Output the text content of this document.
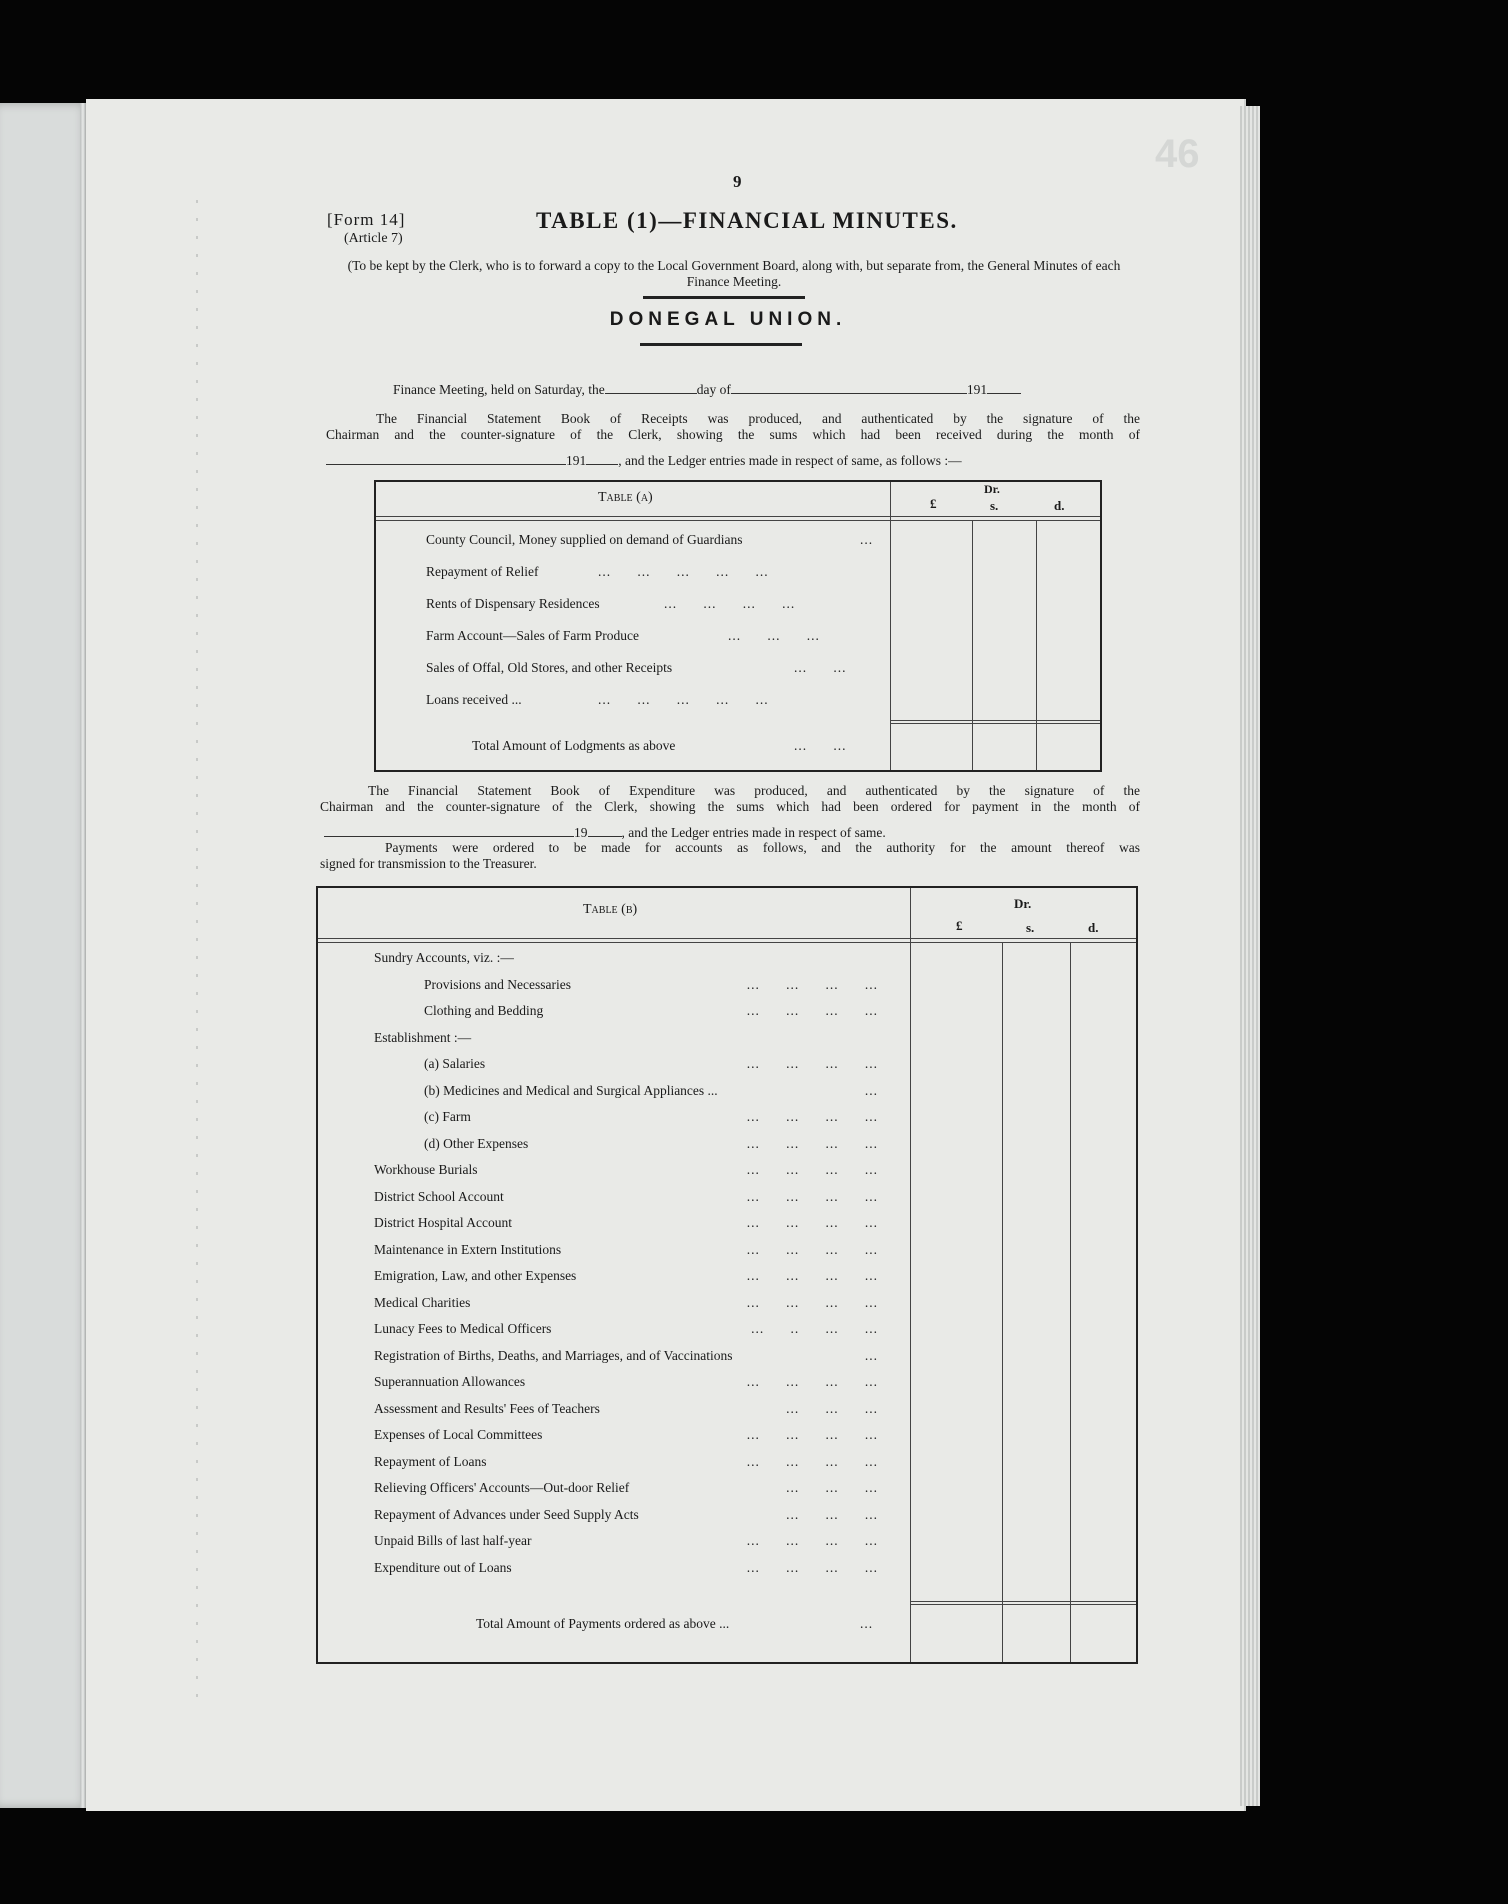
46
9
[Form 14]
(Article 7)
TABLE (1)—FINANCIAL MINUTES.
(To be kept by the Clerk, who is to forward a copy to the Local Government Board, along with, but separate from, the General Minutes of each Finance Meeting.
DONEGAL UNION.
Finance Meeting, held on Saturday, the	day of	191
The Financial Statement Book of Receipts was produced, and authenticated by the signature of the
Chairman and the counter-signature of the Clerk, showing the sums which had been received during the month of
191 , and the Ledger entries made in respect of same, as follows :—
Table (a)
Dr.
£	s.	d.
County Council, Money supplied on demand of Guardians	...
Repayment of Relief	...      ...      ...      ...      ...
Rents of Dispensary Residences	...      ...      ...      ...
Farm Account—Sales of Farm Produce	...      ...      ...
Sales of Offal, Old Stores, and other Receipts	...      ...
Loans received ...	...      ...      ...      ...      ...
Total Amount of Lodgments as above	...      ...
The Financial Statement Book of Expenditure was produced, and authenticated by the signature of the
Chairman and the counter-signature of the Clerk, showing the sums which had been ordered for payment in the month of
19	, and the Ledger entries made in respect of same.
Payments were ordered to be made for accounts as follows, and the authority for the amount thereof was
signed for transmission to the Treasurer.
Table (b)	Dr.
£	s.	d.
Sundry Accounts, viz. :—
Provisions and Necessaries	...      ...      ...      ...
Clothing and Bedding	...      ...      ...      ...
Establishment :—
(a) Salaries	...      ...      ...      ...
(b) Medicines and Medical and Surgical Appliances ...	...
(c) Farm	...      ...      ...      ...
(d) Other Expenses	...      ...      ...      ...
Workhouse Burials	...      ...      ...      ...
District School Account	...      ...      ...      ...
District Hospital Account	...      ...      ...      ...
Maintenance in Extern Institutions	...      ...      ...      ...
Emigration, Law, and other Expenses	...      ...      ...      ...
Medical Charities	...      ...      ...      ...
Lunacy Fees to Medical Officers	...      ..      ...      ...
Registration of Births, Deaths, and Marriages, and of Vaccinations	...
Superannuation Allowances	...      ...      ...      ...
Assessment and Results' Fees of Teachers	...      ...      ...
Expenses of Local Committees	...      ...      ...      ...
Repayment of Loans	...      ...      ...      ...
Relieving Officers' Accounts—Out-door Relief	...      ...      ...
Repayment of Advances under Seed Supply Acts	...      ...      ...
Unpaid Bills of last half-year	...      ...      ...      ...
Expenditure out of Loans	...      ...      ...      ...
Total Amount of Payments ordered as above ...	...
